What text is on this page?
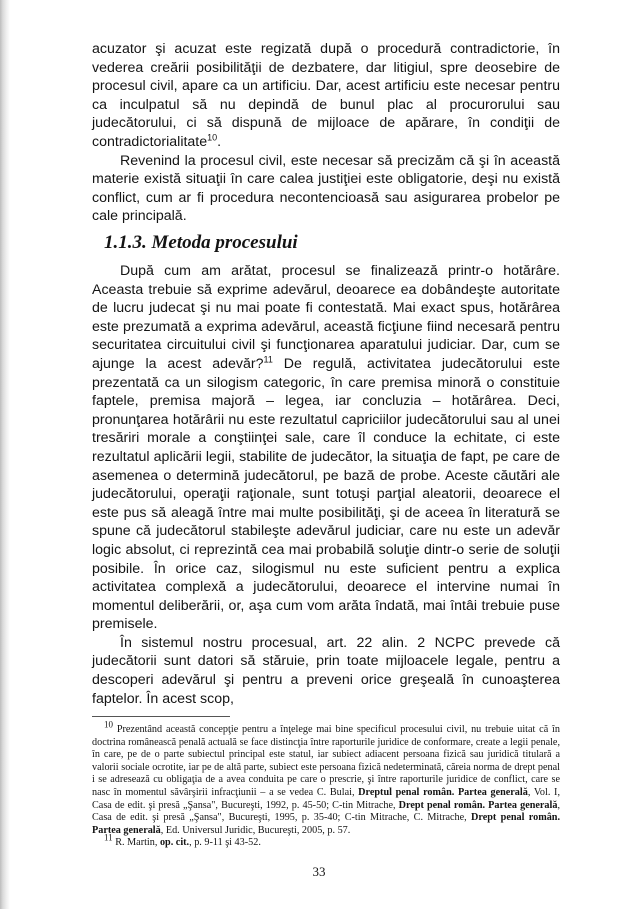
acuzator şi acuzat este regizată după o procedură contradictorie, în vederea creării posibilităţii de dezbatere, dar litigiul, spre deosebire de procesul civil, apare ca un artificiu. Dar, acest artificiu este necesar pentru ca inculpatul să nu depindă de bunul plac al procurorului sau judecătorului, ci să dispună de mijloace de apărare, în condiţii de contradictorialitate$^{10}$.

Revenind la procesul civil, este necesar să precizăm că şi în această materie există situaţii în care calea justiţiei este obligatorie, deşi nu există conflict, cum ar fi procedura necontencioasă sau asigurarea probelor pe cale principală.

1.1.3. Metoda procesului

După cum am arătat, procesul se finalizează printr-o hotărâre. Aceasta trebuie să exprime adevărul, deoarece ea dobândeşte autoritate de lucru judecat şi nu mai poate fi contestată. Mai exact spus, hotărârea este prezumată a exprima adevărul, această ficţiune fiind necesară pentru securitatea circuitului civil şi funcţionarea aparatului judiciar. Dar, cum se ajunge la acest adevăr?$^{11}$ De regulă, activitatea judecătorului este prezentată ca un silogism categoric, în care premisa minoră o constituie faptele, premisa majoră – legea, iar concluzia – hotărârea. Deci, pronunţarea hotărârii nu este rezultatul capriciilor judecătorului sau al unei tresăriri morale a conştiinţei sale, care îl conduce la echitate, ci este rezultatul aplicării legii, stabilite de judecător, la situaţia de fapt, pe care de asemenea o determină judecătorul, pe bază de probe. Aceste căutări ale judecătorului, operaţii raţionale, sunt totuşi parţial aleatorii, deoarece el este pus să aleagă între mai multe posibilităţi, şi de aceea în literatură se spune că judecătorul stabileşte adevărul judiciar, care nu este un adevăr logic absolut, ci reprezintă cea mai probabilă soluţie dintr-o serie de soluţii posibile. În orice caz, silogismul nu este suficient pentru a explica activitatea complexă a judecătorului, deoarece el intervine numai în momentul deliberării, or, aşa cum vom arăta îndată, mai întâi trebuie puse premisele.

În sistemul nostru procesual, art. 22 alin. 2 NCPC prevede că judecătorii sunt datori să stăruie, prin toate mijloacele legale, pentru a descoperi adevărul şi pentru a preveni orice greşeală în cunoaşterea faptelor. În acest scop,

$^{10}$ Prezentând această concepţie pentru a înţelege mai bine specificul procesului civil, nu trebuie uitat că în doctrina românească penală actuală se face distincţia între raporturile juridice de conformare, create a legii penale, în care, pe de o parte subiectul principal este statul, iar subiect adiacent persoana fizică sau juridică titulară a valorii sociale ocrotite, iar pe de altă parte, subiect este persoana fizică nedeterminată, căreia norma de drept penal i se adresează cu obligaţia de a avea conduita pe care o prescrie, şi între raporturile juridice de conflict, care se nasc în momentul săvârşirii infracţiunii – a se vedea C. Bulai, Dreptul penal român. Partea generală, Vol. I, Casa de edit. şi presă „Şansa", Bucureşti, 1992, p. 45-50; C-tin Mitrache, Drept penal român. Partea generală, Casa de edit. şi presă „Şansa", Bucureşti, 1995, p. 35-40; C-tin Mitrache, C. Mitrache, Drept penal român. Partea generală, Ed. Universul Juridic, Bucureşti, 2005, p. 57.

$^{11}$ R. Martin, op. cit., p. 9-11 şi 43-52.

33
